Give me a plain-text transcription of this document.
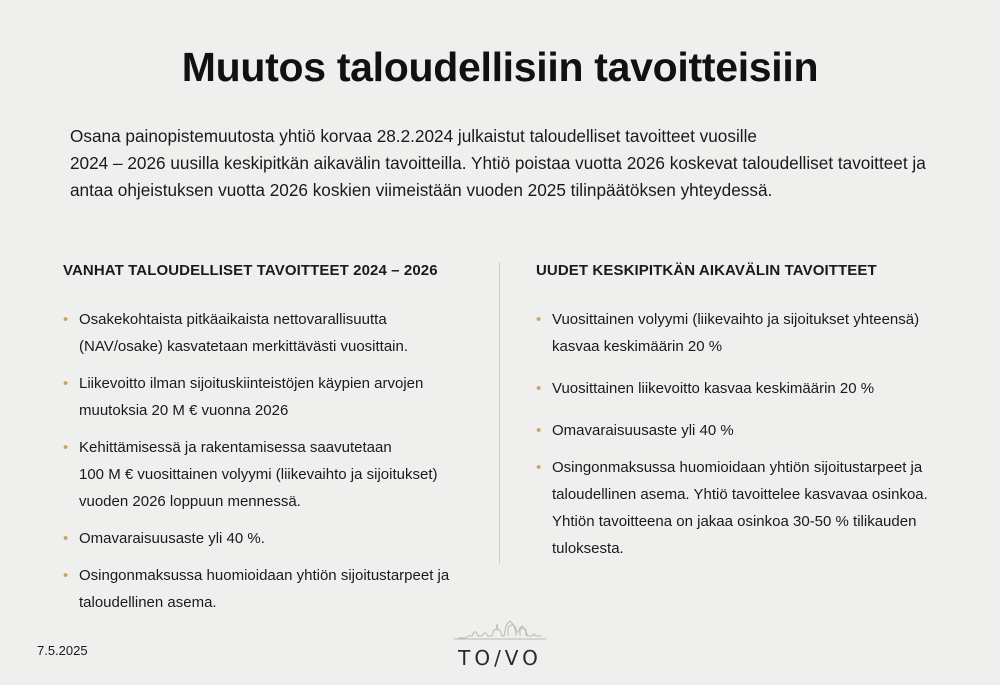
Muutos taloudellisiin tavoitteisiin
Osana painopistemuutosta yhtiö korvaa 28.2.2024 julkaistut taloudelliset tavoitteet vuosille
2024 – 2026 uusilla keskipitkän aikavälin tavoitteilla. Yhtiö poistaa vuotta 2026 koskevat taloudelliset tavoitteet ja
antaa ohjeistuksen vuotta 2026 koskien viimeistään vuoden 2025 tilinpäätöksen yhteydessä.
VANHAT TALOUDELLISET TAVOITTEET 2024 – 2026
• Osakekohtaista pitkäaikaista nettovarallisuutta
(NAV/osake) kasvatetaan merkittävästi vuosittain.
• Liikevoitto ilman sijoituskiinteistöjen käypien arvojen
muutoksia 20 M € vuonna 2026
• Kehittämisessä ja rakentamisessa saavutetaan
100 M € vuosittainen volyymi (liikevaihto ja sijoitukset)
vuoden 2026 loppuun mennessä.
• Omavaraisuusaste yli 40 %.
• Osingonmaksussa huomioidaan yhtiön sijoitustarpeet ja
taloudellinen asema.
UUDET KESKIPITKÄN AIKAVÄLIN TAVOITTEET
• Vuosittainen volyymi (liikevaihto ja sijoitukset yhteensä)
kasvaa keskimäärin 20 %
• Vuosittainen liikevoitto kasvaa keskimäärin 20 %
• Omavaraisuusaste yli 40 %
• Osingonmaksussa huomioidaan yhtiön sijoitustarpeet ja
taloudellinen asema. Yhtiö tavoittelee kasvavaa osinkoa.
Yhtiön tavoitteena on jakaa osinkoa 30-50 % tilikauden
tuloksesta.
7.5.2025	TO/VO
